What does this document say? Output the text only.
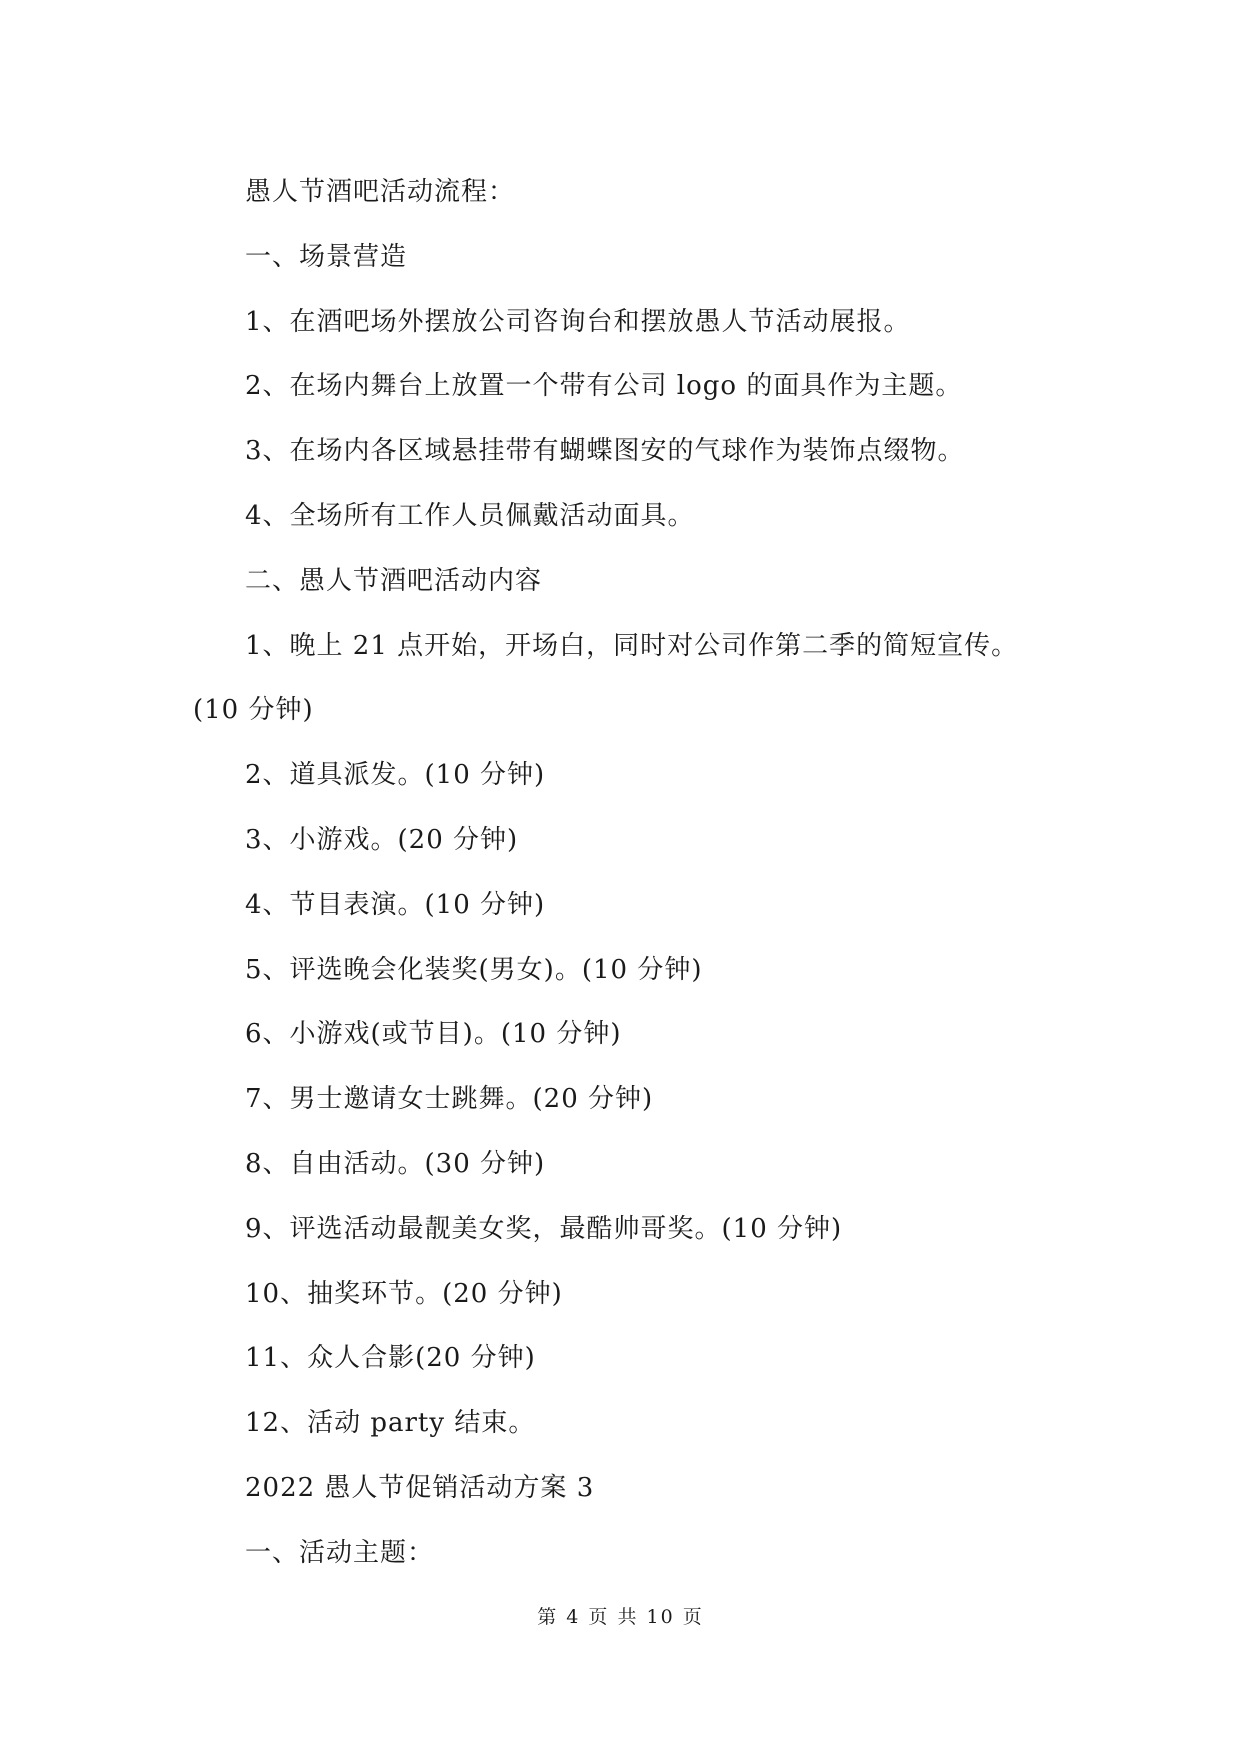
愚人节酒吧活动流程：
一、场景营造
1、在酒吧场外摆放公司咨询台和摆放愚人节活动展报。
2、在场内舞台上放置一个带有公司 logo 的面具作为主题。
3、在场内各区域悬挂带有蝴蝶图安的气球作为装饰点缀物。
4、全场所有工作人员佩戴活动面具。
二、愚人节酒吧活动内容
1、晚上 21 点开始，开场白，同时对公司作第二季的简短宣传。
(10 分钟)
2、道具派发。(10 分钟)
3、小游戏。(20 分钟)
4、节目表演。(10 分钟)
5、评选晚会化装奖(男女)。(10 分钟)
6、小游戏(或节目)。(10 分钟)
7、男士邀请女士跳舞。(20 分钟)
8、自由活动。(30 分钟)
9、评选活动最靓美女奖，最酷帅哥奖。(10 分钟)
10、抽奖环节。(20 分钟)
11、众人合影(20 分钟)
12、活动 party 结束。
2022 愚人节促销活动方案 3
一、活动主题：
第 4 页 共 10 页
